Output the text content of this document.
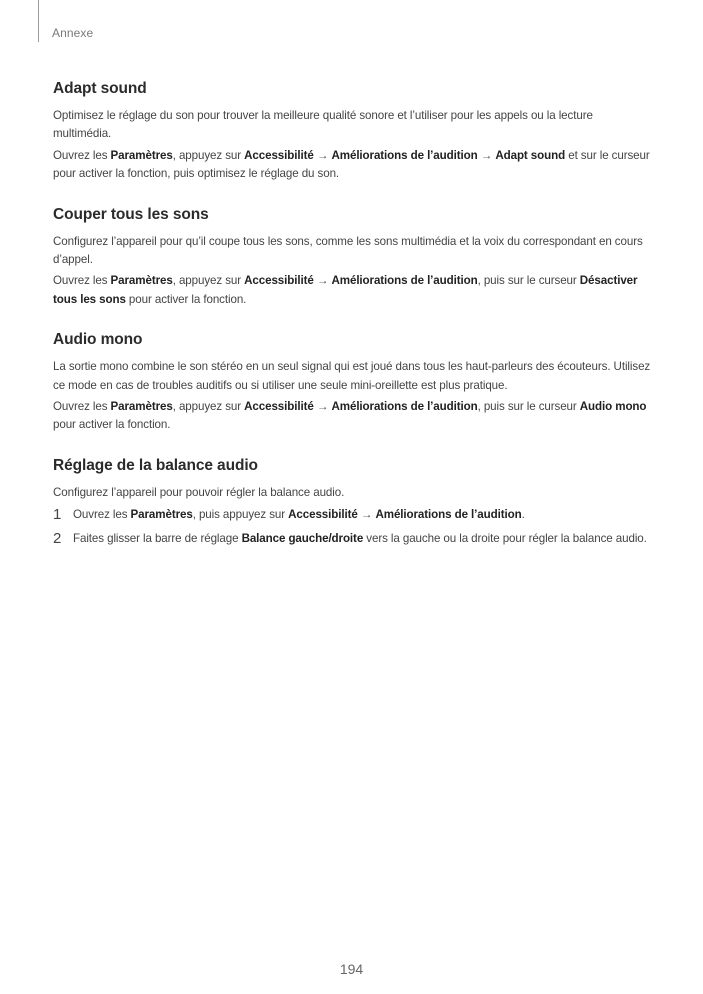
Annexe
Adapt sound

Optimisez le réglage du son pour trouver la meilleure qualité sonore et l’utiliser pour les appels ou la lecture multimédia.

Ouvrez les Paramètres, appuyez sur Accessibilité → Améliorations de l’audition → Adapt sound et sur le curseur pour activer la fonction, puis optimisez le réglage du son.

Couper tous les sons

Configurez l’appareil pour qu’il coupe tous les sons, comme les sons multimédia et la voix du correspondant en cours d’appel.

Ouvrez les Paramètres, appuyez sur Accessibilité → Améliorations de l’audition, puis sur le curseur Désactiver tous les sons pour activer la fonction.

Audio mono

La sortie mono combine le son stéréo en un seul signal qui est joué dans tous les haut-parleurs des écouteurs. Utilisez ce mode en cas de troubles auditifs ou si utiliser une seule mini-oreillette est plus pratique.

Ouvrez les Paramètres, appuyez sur Accessibilité → Améliorations de l’audition, puis sur le curseur Audio mono pour activer la fonction.

Réglage de la balance audio

Configurez l’appareil pour pouvoir régler la balance audio.

1	Ouvrez les Paramètres, puis appuyez sur Accessibilité → Améliorations de l’audition.
2	Faites glisser la barre de réglage Balance gauche/droite vers la gauche ou la droite pour régler la balance audio.
194
